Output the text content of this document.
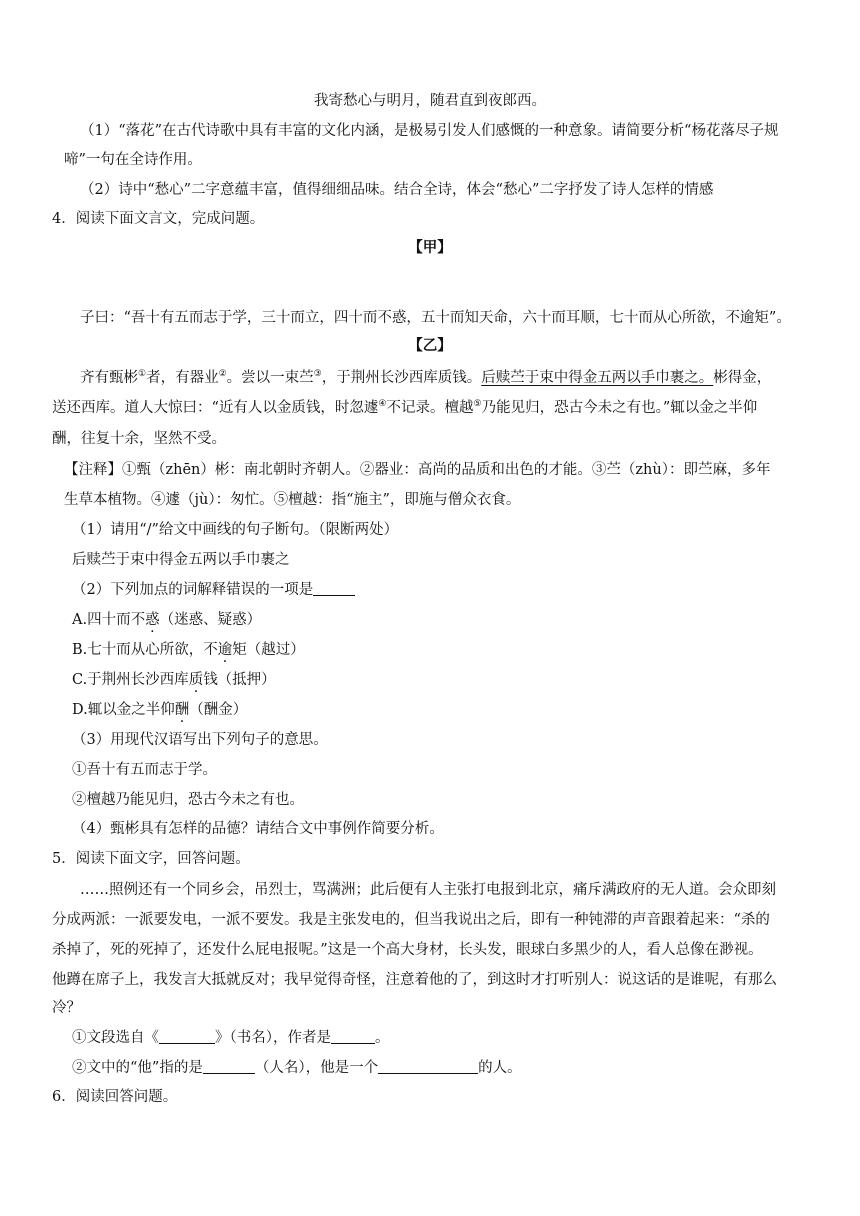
我寄愁心与明月，随君直到夜郎西。
（1）“落花”在古代诗歌中具有丰富的文化内涵，是极易引发人们感慨的一种意象。请简要分析“杨花落尽子规
啼”一句在全诗作用。
（2）诗中“愁心”二字意蕴丰富，值得细细品味。结合全诗，体会“愁心”二字抒发了诗人怎样的情感
4．阅读下面文言文，完成问题。
【甲】
子曰：“吾十有五而志于学，三十而立，四十而不惑，五十而知天命，六十而耳顺，七十而从心所欲，不逾矩”。
【乙】
齐有甄彬①者，有器业②。尝以一束苎③，于荆州长沙西库质钱。后赎苎于束中得金五两以手巾裹之。彬得金，
送还西库。道人大惊曰：“近有人以金质钱，时忽遽④不记录。檀越⑤乃能见归，恐古今未之有也。”辄以金之半仰
酬，往复十余，坚然不受。
【注释】①甄（zhēn）彬：南北朝时齐朝人。②器业：高尚的品质和出色的才能。③苎（zhù）：即苎麻，多年
生草本植物。④遽（jù）：匆忙。⑤檀越：指“施主”，即施与僧众衣食。
（1）请用“/”给文中画线的句子断句。（限断两处）
后赎苎于束中得金五两以手巾裹之
（2）下列加点的词解释错误的一项是
A.四十而不惑（迷惑、疑惑）
B.七十而从心所欲，不逾矩（越过）
C.于荆州长沙西库质钱（抵押）
D.辄以金之半仰酬（酬金）
（3）用现代汉语写出下列句子的意思。
①吾十有五而志于学。
②檀越乃能见归，恐古今未之有也。
（4）甄彬具有怎样的品德？请结合文中事例作简要分析。
5．阅读下面文字，回答问题。
……照例还有一个同乡会，吊烈士，骂满洲；此后便有人主张打电报到北京，痛斥满政府的无人道。会众即刻
分成两派：一派要发电，一派不要发。我是主张发电的，但当我说出之后，即有一种钝滞的声音跟着起来：“杀的
杀掉了，死的死掉了，还发什么屁电报呢。”这是一个高大身材，长头发，眼球白多黑少的人，看人总像在渺视。
他蹲在席子上，我发言大抵就反对；我早觉得奇怪，注意着他的了，到这时才打听别人：说这话的是谁呢，有那么
冷？
①文段选自《	》（书名），作者是	。
②文中的“他”指的是	（人名），他是一个	的人。
6．阅读回答问题。
